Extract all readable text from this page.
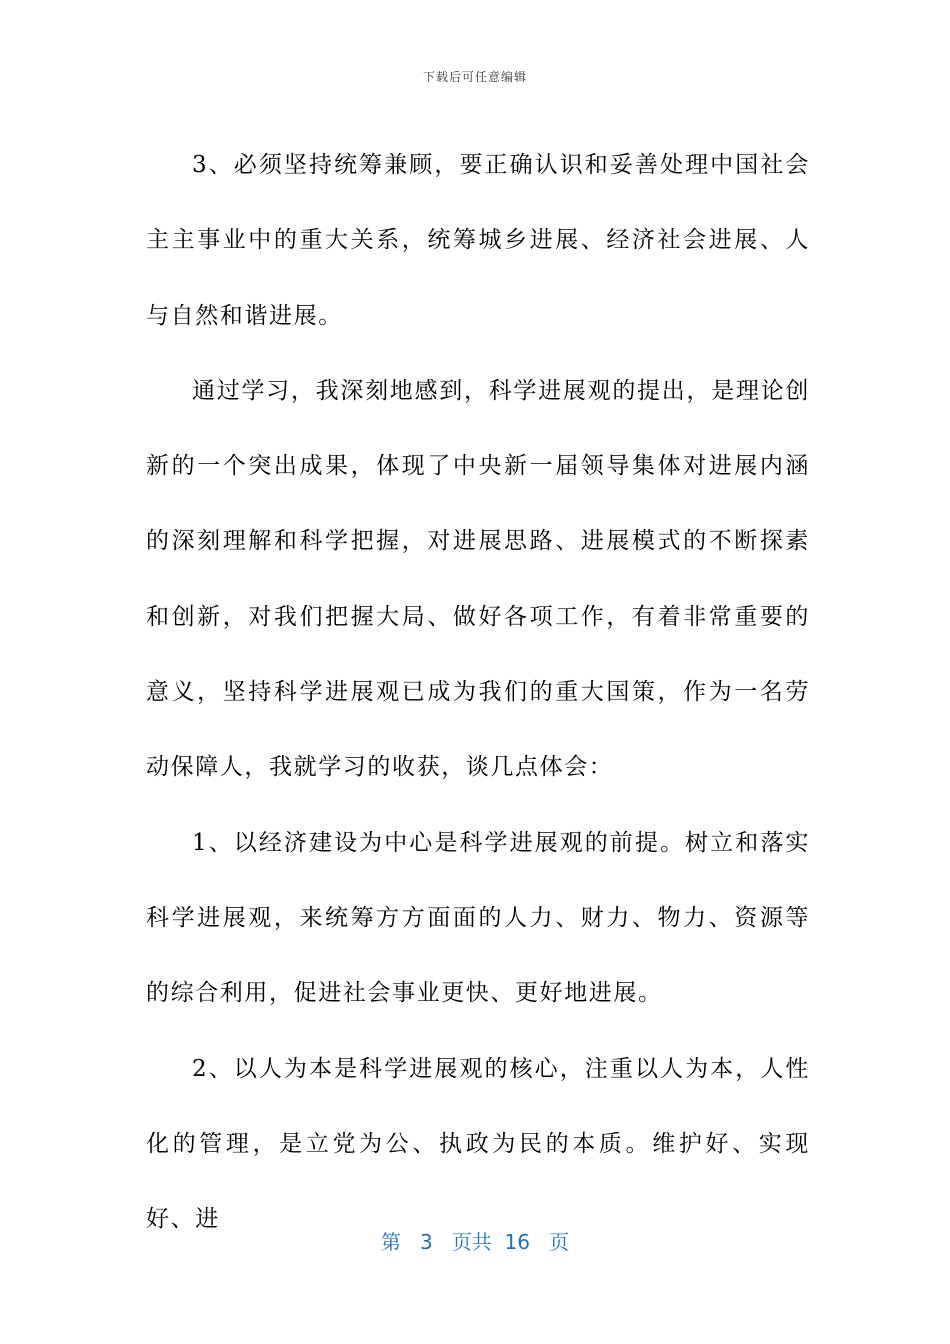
下载后可任意编辑

3、必须坚持统筹兼顾，要正确认识和妥善处理中国社会主主事业中的重大关系，统筹城乡进展、经济社会进展、人与自然和谐进展。

通过学习，我深刻地感到，科学进展观的提出，是理论创新的一个突出成果，体现了中央新一届领导集体对进展内涵的深刻理解和科学把握，对进展思路、进展模式的不断探素和创新，对我们把握大局、做好各项工作，有着非常重要的意义，坚持科学进展观已成为我们的重大国策，作为一名劳动保障人，我就学习的收获，谈几点体会：

1、以经济建设为中心是科学进展观的前提。树立和落实科学进展观，来统筹方方面面的人力、财力、物力、资源等的综合利用，促进社会事业更快、更好地进展。

2、以人为本是科学进展观的核心，注重以人为本，人性化的管理，是立党为公、执政为民的本质。维护好、实现好、进

第 3 页共 16 页
